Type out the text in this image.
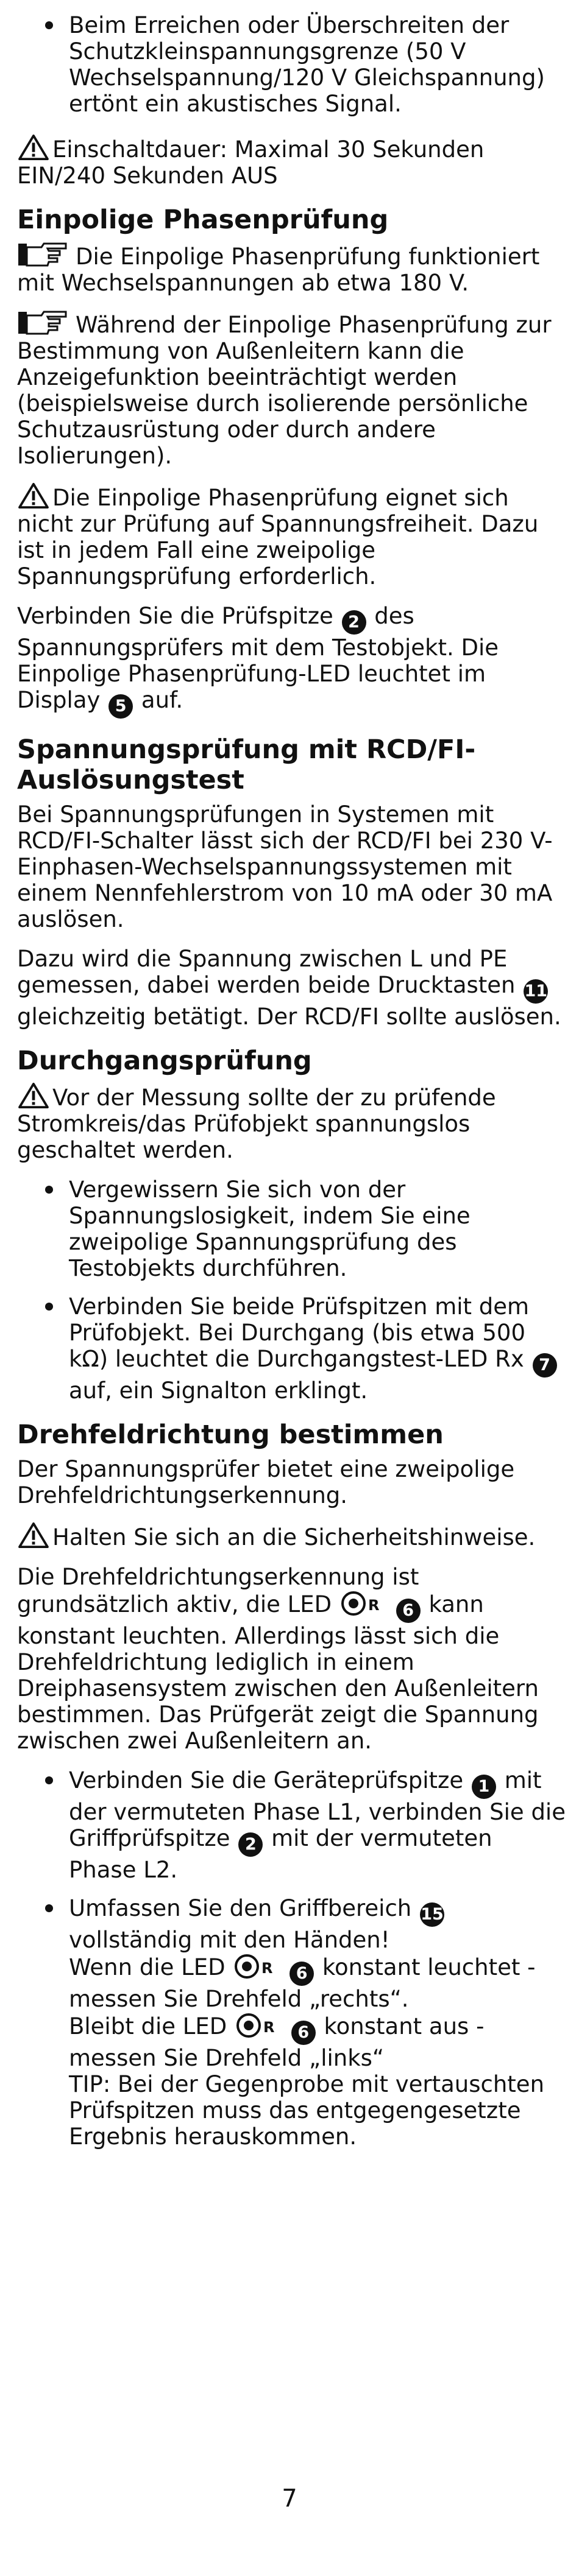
Beim Erreichen oder Überschreiten der Schutzkleinspannungsgrenze (50 V Wechselspannung/120 V Gleichspannung) ertönt ein akustisches Signal.

Einschaltdauer: Maximal 30 Sekunden EIN/240 Sekunden AUS

Einpolige Phasenprüfung

Die Einpolige Phasenprüfung funktioniert mit Wechselspannungen ab etwa 180 V.

Während der Einpolige Phasenprüfung zur Bestimmung von Außenleitern kann die Anzeigefunktion beeinträchtigt werden (beispielsweise durch isolierende persönliche Schutzausrüstung oder durch andere Isolierungen).

Die Einpolige Phasenprüfung eignet sich nicht zur Prüfung auf Spannungsfreiheit. Dazu ist in jedem Fall eine zweipolige Spannungsprüfung erforderlich.

Verbinden Sie die Prüfspitze 2 des Spannungsprüfers mit dem Testobjekt. Die Einpolige Phasenprüfung-LED leuchtet im Display 5 auf.

Spannungsprüfung mit RCD/FI-Auslösungstest

Bei Spannungsprüfungen in Systemen mit RCD/FI-Schalter lässt sich der RCD/FI bei 230 V-Einphasen-Wechselspannungssystemen mit einem Nennfehlerstrom von 10 mA oder 30 mA auslösen.

Dazu wird die Spannung zwischen L und PE gemessen, dabei werden beide Drucktasten 11 gleichzeitig betätigt. Der RCD/FI sollte auslösen.

Durchgangsprüfung

Vor der Messung sollte der zu prüfende Stromkreis/das Prüfobjekt spannungslos geschaltet werden.

Vergewissern Sie sich von der Spannungslosigkeit, indem Sie eine zweipolige Spannungsprüfung des Testobjekts durchführen.
Verbinden Sie beide Prüfspitzen mit dem Prüfobjekt. Bei Durchgang (bis etwa 500 kΩ) leuchtet die Durchgangstest-LED Rx 7 auf, ein Signalton erklingt.
Drehfeldrichtung bestimmen

Der Spannungsprüfer bietet eine zweipolige Drehfeldrichtungserkennung.

Halten Sie sich an die Sicherheitshinweise.

Die Drehfeldrichtungserkennung ist grundsätzlich aktiv, die LED R 6 kann konstant leuchten. Allerdings lässt sich die Drehfeldrichtung lediglich in einem Dreiphasensystem zwischen den Außenleitern bestimmen. Das Prüfgerät zeigt die Spannung zwischen zwei Außenleitern an.

Verbinden Sie die Geräteprüfspitze 1 mit der vermuteten Phase L1, verbinden Sie die Griffprüfspitze 2 mit der vermuteten Phase L2.
Umfassen Sie den Griffbereich 15 vollständig mit den Händen!
Wenn die LED R 6 konstant leuchtet - messen Sie Drehfeld „rechts“.
Bleibt die LED R 6 konstant aus - messen Sie Drehfeld „links“
TIP: Bei der Gegenprobe mit vertauschten Prüfspitzen muss das entgegengesetzte Ergebnis herauskommen.
7
